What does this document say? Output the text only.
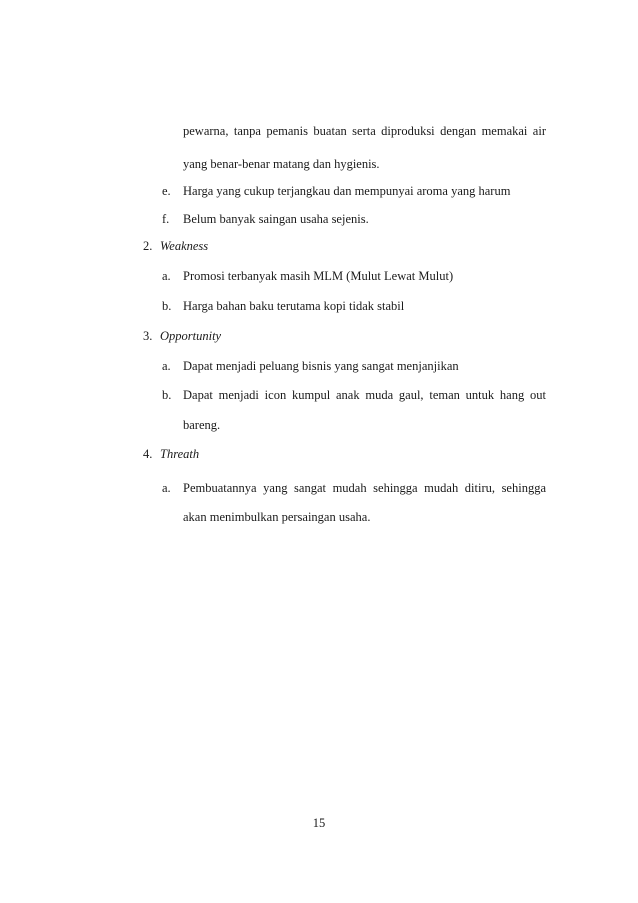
pewarna, tanpa pemanis buatan serta diproduksi dengan memakai air
yang benar-benar matang dan hygienis.
e. Harga yang cukup terjangkau dan mempunyai aroma yang harum
f. Belum banyak saingan usaha sejenis.
2. Weakness
a. Promosi terbanyak masih MLM (Mulut Lewat Mulut)
b. Harga bahan baku terutama kopi tidak stabil
3. Opportunity
a. Dapat menjadi peluang bisnis yang sangat menjanjikan
b. Dapat menjadi icon kumpul anak muda gaul, teman untuk hang out
bareng.
4. Threath
a. Pembuatannya yang sangat mudah sehingga mudah ditiru, sehingga
akan menimbulkan persaingan usaha.
15
